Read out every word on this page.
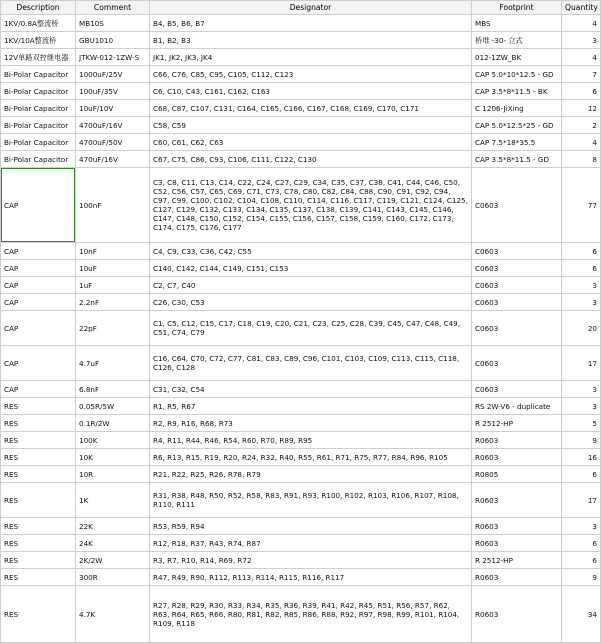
Description	Comment	Designator	Footprint	Quantity
1KV/0.8A整流桥	MB10S	B4, B5, B6, B7	MBS	4
1KV/10A整流桥	GBU1010	B1, B2, B3	桥堆 -30- 立式	3
12V单路双控继电器	JTKW-012-1ZW-S	JK1, JK2, JK3, JK4	012-1ZW_BK	4
Bi-Polar Capacitor	1000uF/25V	C66, C76, C85, C95, C105, C112, C123	CAP 5.0*10*12.5 - GD	7
Bi-Polar Capacitor	100uF/35V	C6, C10, C43, C161, C162, C163	CAP 3.5*8*11.5 - BK	6
Bi-Polar Capacitor	10uF/10V	C68, C87, C107, C131, C164, C165, C166, C167, C168, C169, C170, C171	C 1206-JiXing	12
Bi-Polar Capacitor	4700uF/16V	C58, C59	CAP 5.0*12.5*25 - GD	2
Bi-Polar Capacitor	4700uF/50V	C60, C61, C62, C63	CAP 7.5*18*35.5	4
Bi-Polar Capacitor	470uF/16V	C67, C75, C86, C93, C106, C111, C122, C130	CAP 3.5*8*11.5 - GD	8
CAP	100nF	C3, C8, C11, C13, C14, C22, C24, C27, C29, C34, C35, C37, C38, C41, C44, C46, C50, C52, C56, C57, C65, C69, C71, C73, C78, C80, C82, C84, C88, C90, C91, C92, C94, C97, C99, C100, C102, C104, C108, C110, C114, C116, C117, C119, C121, C124, C125, C127, C129, C132, C133, C134, C135, C137, C138, C139, C141, C143, C145, C146, C147, C148, C150, C152, C154, C155, C156, C157, C158, C159, C160, C172, C173, C174, C175, C176, C177	C0603	77
CAP	10nF	C4, C9, C33, C36, C42, C55	C0603	6
CAP	10uF	C140, C142, C144, C149, C151, C153	C0603	6
CAP	1uF	C2, C7, C40	C0603	3
CAP	2.2nF	C26, C30, C53	C0603	3
CAP	22pF	C1, C5, C12, C15, C17, C18, C19, C20, C21, C23, C25, C28, C39, C45, C47, C48, C49, C51, C74, C79	C0603	20
CAP	4.7uF	C16, C64, C70, C72, C77, C81, C83, C89, C96, C101, C103, C109, C113, C115, C118, C126, C128	C0603	17
CAP	6.8nF	C31, C32, C54	C0603	3
RES	0.05R/5W	R1, R5, R67	RS 2W-V6 - duplicate	3
RES	0.1R/2W	R2, R9, R16, R68, R73	R 2512-HP	5
RES	100K	R4, R11, R44, R46, R54, R60, R70, R89, R95	R0603	9
RES	10K	R6, R13, R15, R19, R20, R24, R32, R40, R55, R61, R71, R75, R77, R84, R96, R105	R0603	16
RES	10R	R21, R22, R25, R26, R78, R79	R0805	6
RES	1K	R31, R38, R48, R50, R52, R58, R83, R91, R93, R100, R102, R103, R106, R107, R108, R110, R111	R0603	17
RES	22K	R53, R59, R94	R0603	3
RES	24K	R12, R18, R37, R43, R74, R87	R0603	6
RES	2K/2W	R3, R7, R10, R14, R69, R72	R 2512-HP	6
RES	300R	R47, R49, R90, R112, R113, R114, R115, R116, R117	R0603	9
RES	4.7K	R27, R28, R29, R30, R33, R34, R35, R36, R39, R41, R42, R45, R51, R56, R57, R62, R63, R64, R65, R66, R80, R81, R82, R85, R86, R88, R92, R97, R98, R99, R101, R104, R109, R118	R0603	34
